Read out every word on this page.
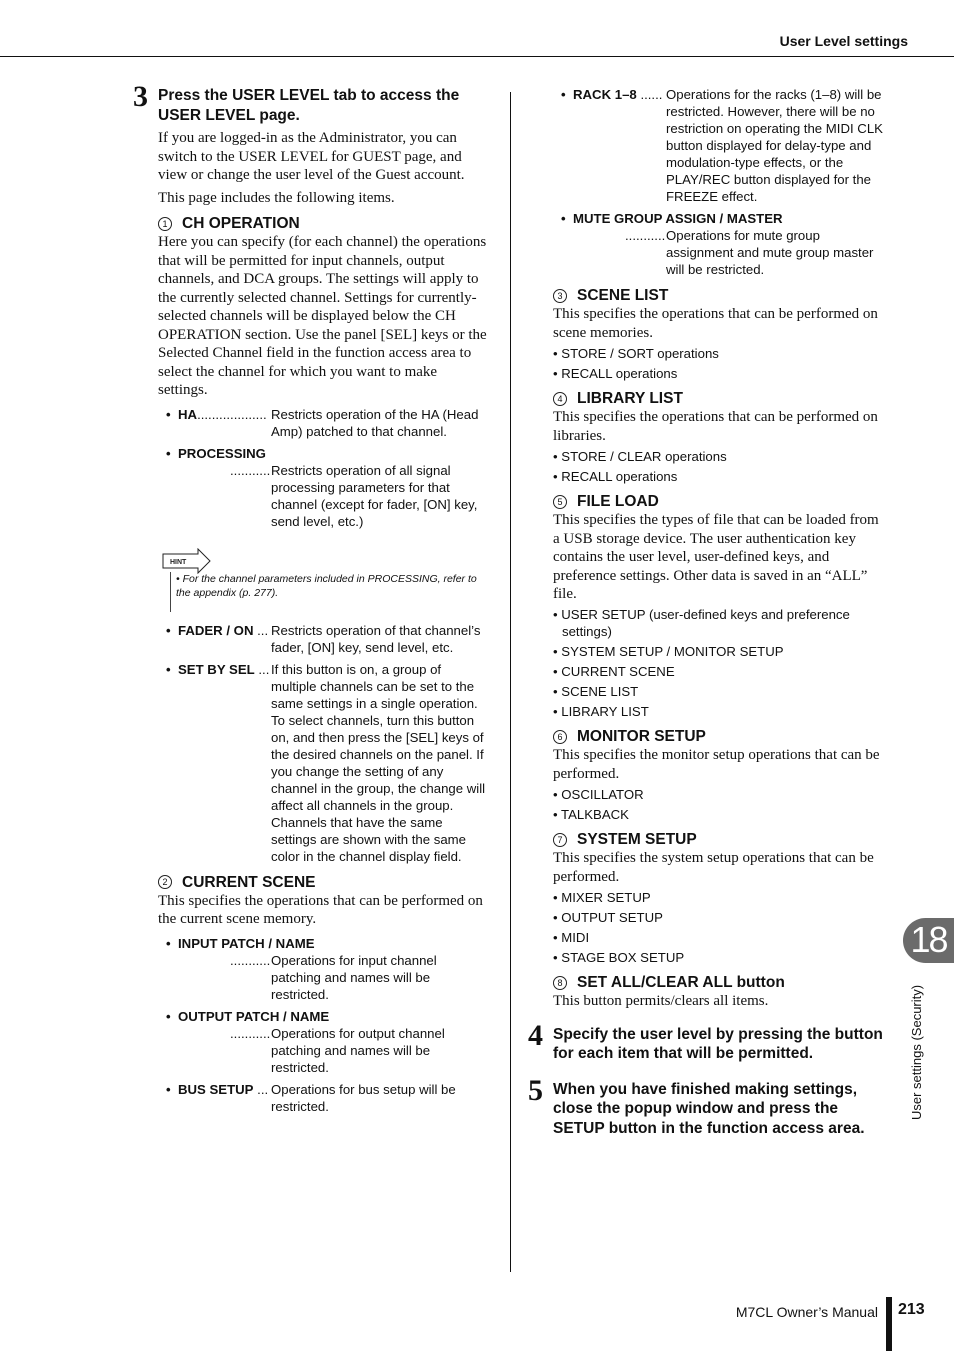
User Level settings
3 Press the USER LEVEL tab to access the USER LEVEL page.

If you are logged-in as the Administrator, you can switch to the USER LEVEL for GUEST page, and view or change the user level of the Guest account.

This page includes the following items.

1 CH OPERATION

Here you can specify (for each channel) the operations that will be permitted for input channels, output channels, and DCA groups. The settings will apply to the currently selected channel. Settings for currently-selected channels will be displayed below the CH OPERATION section. Use the panel [SEL] keys or the Selected Channel field in the function access area to select the channel for which you want to make settings.

• HA................... Restricts operation of the HA (Head Amp) patched to that channel.
• PROCESSING
........... Restricts operation of all signal processing parameters for that channel (except for fader, [ON] key, send level, etc.)
HINT
• For the channel parameters included in PROCESSING, refer to the appendix (p. 277).
• FADER / ON ... Restricts operation of that channel’s fader, [ON] key, send level, etc.
• SET BY SEL ... If this button is on, a group of multiple channels can be set to the same settings in a single operation. To select channels, turn this button on, and then press the [SEL] keys of the desired channels on the panel. If you change the setting of any channel in the group, the change will affect all channels in the group. Channels that have the same settings are shown with the same color in the channel display field.
2 CURRENT SCENE

This specifies the operations that can be performed on the current scene memory.

• INPUT PATCH / NAME
........... Operations for input channel patching and names will be restricted.
• OUTPUT PATCH / NAME
........... Operations for output channel patching and names will be restricted.
• BUS SETUP ... Operations for bus setup will be restricted.
• RACK 1–8 ...... Operations for the racks (1–8) will be restricted. However, there will be no restriction on operating the MIDI CLK button displayed for delay-type and modulation-type effects, or the PLAY/REC button displayed for the FREEZE effect.
• MUTE GROUP ASSIGN / MASTER
........... Operations for mute group assignment and mute group master will be restricted.
3 SCENE LIST

This specifies the operations that can be performed on scene memories.

• STORE / SORT operations
• RECALL operations
4 LIBRARY LIST

This specifies the operations that can be performed on libraries.

• STORE / CLEAR operations
• RECALL operations
5 FILE LOAD

This specifies the types of file that can be loaded from a USB storage device. The user authentication key contains the user level, user-defined keys, and preference settings. Other data is saved in an “ALL” file.

• USER SETUP (user-defined keys and preference settings)
• SYSTEM SETUP / MONITOR SETUP
• CURRENT SCENE
• SCENE LIST
• LIBRARY LIST
6 MONITOR SETUP

This specifies the monitor setup operations that can be performed.

• OSCILLATOR
• TALKBACK
7 SYSTEM SETUP

This specifies the system setup operations that can be performed.

• MIXER SETUP
• OUTPUT SETUP
• MIDI
• STAGE BOX SETUP
8 SET ALL/CLEAR ALL button

This button permits/clears all items.

4 Specify the user level by pressing the button for each item that will be permitted.
5 When you have finished making settings, close the popup window and press the SETUP button in the function access area.
18
User settings (Security)
M7CL Owner’s Manual 213
